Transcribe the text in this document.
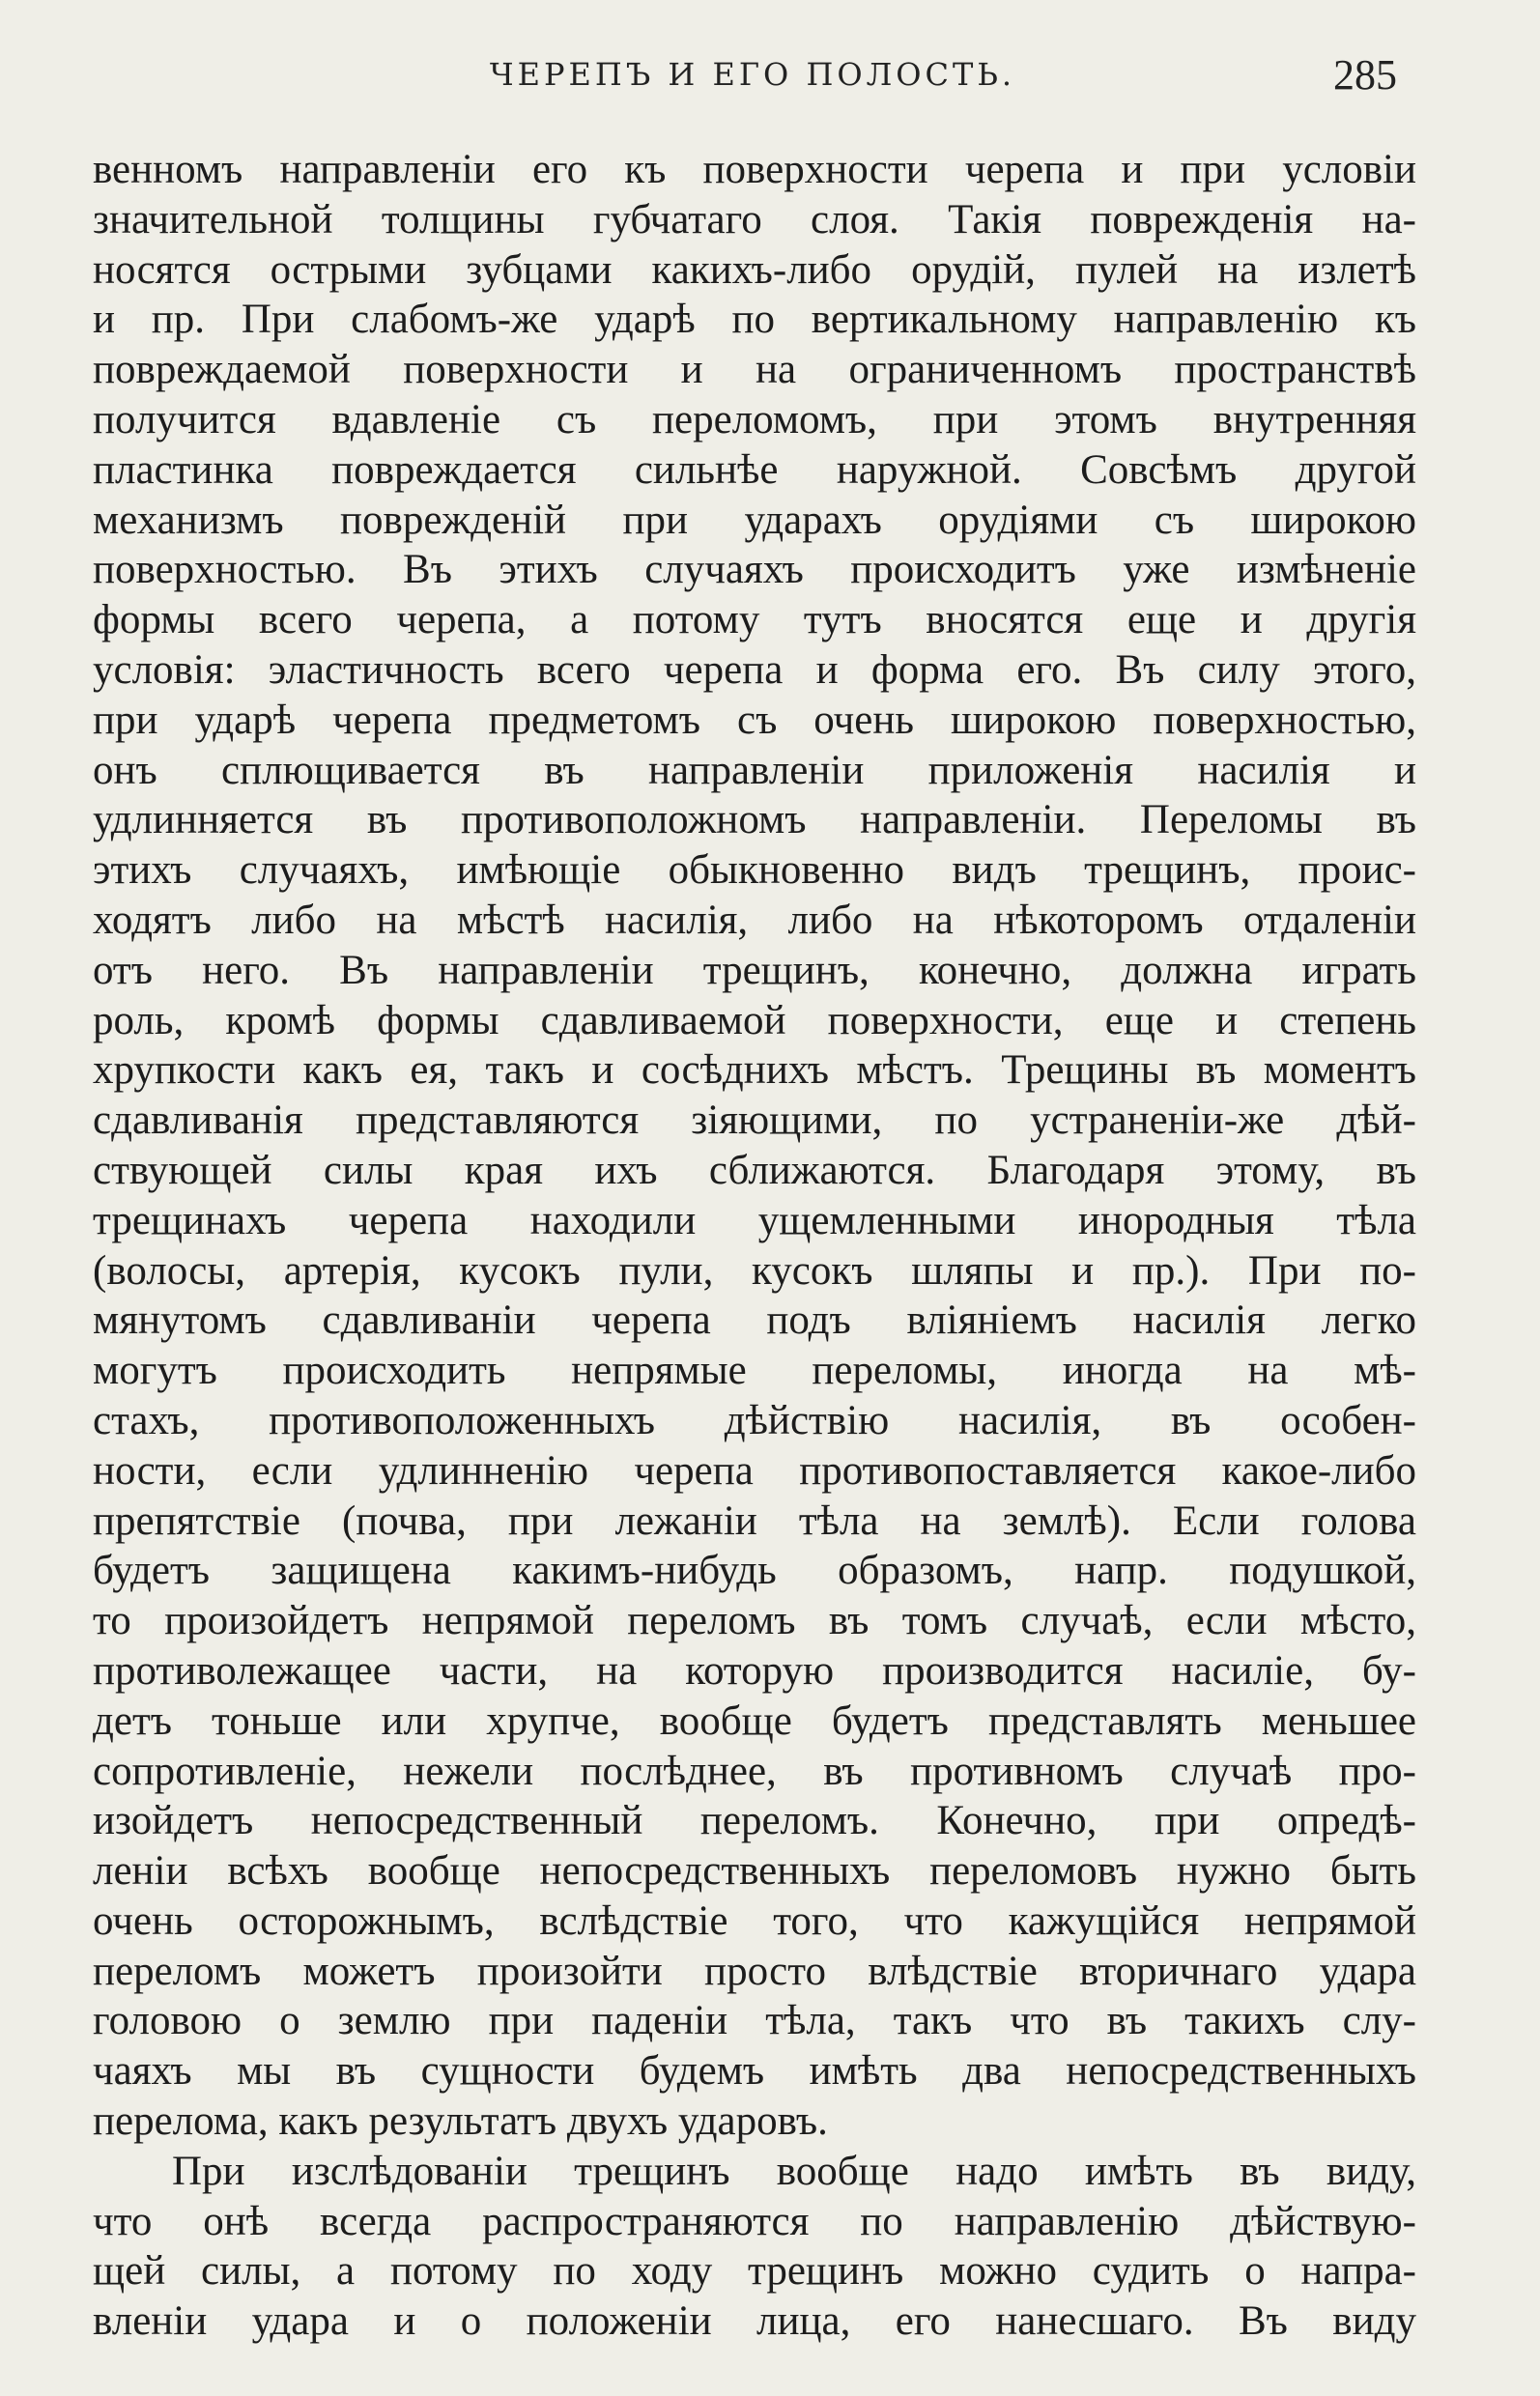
ЧЕРЕПЪ И ЕГО ПОЛОСТЬ.	285
венномъ направленіи его къ поверхности черепа и при условіи
значительной толщины губчатаго слоя. Такія поврежденія на-
носятся острыми зубцами какихъ-либо орудій, пулей на излетѣ
и пр. При слабомъ-же ударѣ по вертикальному направленію къ
повреждаемой поверхности и на ограниченномъ пространствѣ
получится вдавленіе съ переломомъ, при этомъ внутренняя
пластинка повреждается сильнѣе наружной. Совсѣмъ другой
механизмъ поврежденій при ударахъ орудіями съ широкою
поверхностью. Въ этихъ случаяхъ происходитъ уже измѣненіе
формы всего черепа, а потому тутъ вносятся еще и другія
условія: эластичность всего черепа и форма его. Въ силу этого,
при ударѣ черепа предметомъ съ очень широкою поверхностью,
онъ сплющивается въ направленіи приложенія насилія и
удлинняется въ противоположномъ направленіи. Переломы въ
этихъ случаяхъ, имѣющіе обыкновенно видъ трещинъ, проис-
ходятъ либо на мѣстѣ насилія, либо на нѣкоторомъ отдаленіи
отъ него. Въ направленіи трещинъ, конечно, должна играть
роль, кромѣ формы сдавливаемой поверхности, еще и степень
хрупкости какъ ея, такъ и сосѣднихъ мѣстъ. Трещины въ моментъ
сдавливанія представляются зіяющими, по устраненіи-же дѣй-
ствующей силы края ихъ сближаются. Благодаря этому, въ
трещинахъ черепа находили ущемленными инородныя тѣла
(волосы, артерія, кусокъ пули, кусокъ шляпы и пр.). При по-
мянутомъ сдавливаніи черепа подъ вліяніемъ насилія легко
могутъ происходить непрямые переломы, иногда на мѣ-
стахъ, противоположенныхъ дѣйствію насилія, въ особен-
ности, если удлинненію черепа противопоставляется какое-либо
препятствіе (почва, при лежаніи тѣла на землѣ). Если голова
будетъ защищена какимъ-нибудь образомъ, напр. подушкой,
то произойдетъ непрямой переломъ въ томъ случаѣ, если мѣсто,
противолежащее части, на которую производится насиліе, бу-
детъ тоньше или хрупче, вообще будетъ представлять меньшее
сопротивленіе, нежели послѣднее, въ противномъ случаѣ про-
изойдетъ непосредственный переломъ. Конечно, при опредѣ-
леніи всѣхъ вообще непосредственныхъ переломовъ нужно быть
очень осторожнымъ, вслѣдствіе того, что кажущійся непрямой
переломъ можетъ произойти просто влѣдствіе вторичнаго удара
головою о землю при паденіи тѣла, такъ что въ такихъ слу-
чаяхъ мы въ сущности будемъ имѣть два непосредственныхъ
перелома, какъ результатъ двухъ ударовъ.
При изслѣдованіи трещинъ вообще надо имѣть въ виду,
что онѣ всегда распространяются по направленію дѣйствую-
щей силы, а потому по ходу трещинъ можно судить о напра-
вленіи удара и о положеніи лица, его нанесшаго. Въ виду
